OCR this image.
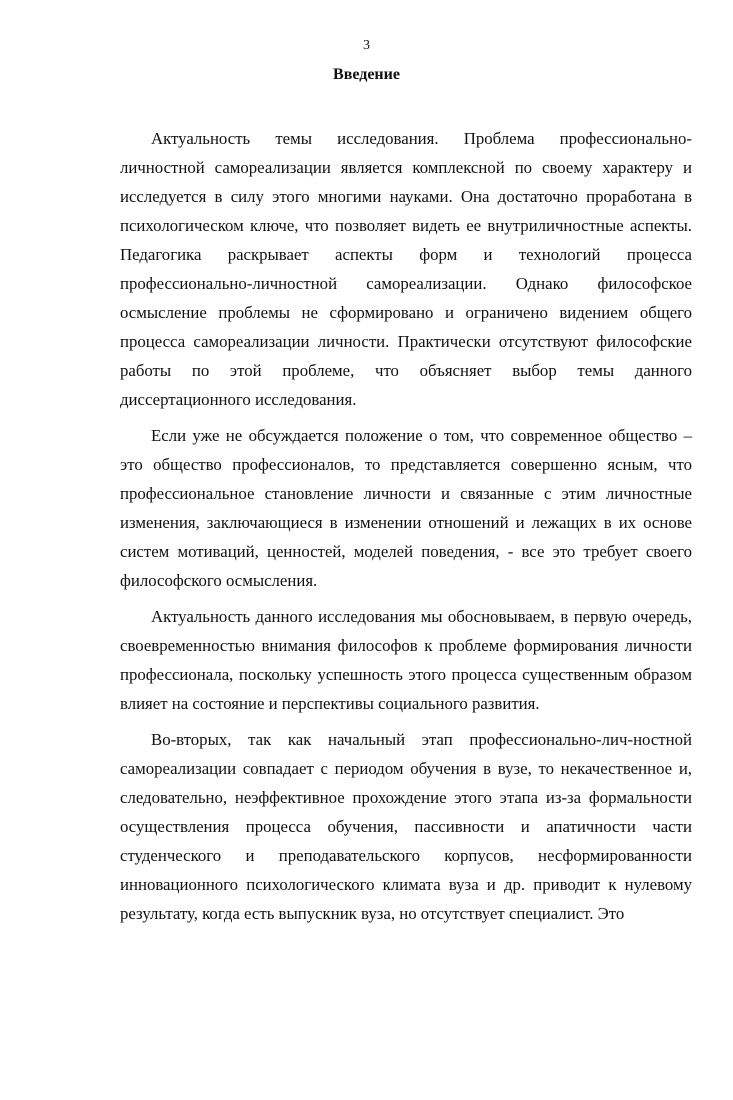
3
Введение

Актуальность темы исследования. Проблема профессионально-личностной самореализации является комплексной по своему характеру и исследуется в силу этого многими науками. Она достаточно проработана в психологическом ключе, что позволяет видеть ее внутриличностные аспекты. Педагогика раскрывает аспекты форм и технологий процесса профессионально-личностной самореализации. Однако философское осмысление проблемы не сформировано и ограничено видением общего процесса самореализации личности. Практически отсутствуют философские работы по этой проблеме, что объясняет выбор темы данного диссертационного исследования.

Если уже не обсуждается положение о том, что современное общество – это общество профессионалов, то представляется совершенно ясным, что профессиональное становление личности и связанные с этим личностные изменения, заключающиеся в изменении отношений и лежащих в их основе систем мотиваций, ценностей, моделей поведения, - все это требует своего философского осмысления.

Актуальность данного исследования мы обосновываем, в первую очередь, своевременностью внимания философов к проблеме формирования личности профессионала, поскольку успешность этого процесса существенным образом влияет на состояние и перспективы социального развития.

Во-вторых, так как начальный этап профессионально-лич-ностной самореализации совпадает с периодом обучения в вузе, то некачественное и, следовательно, неэффективное прохождение этого этапа из-за формальности осуществления процесса обучения, пассивности и апатичности части студенческого и преподавательского корпусов, несформированности инновационного психологического климата вуза и др. приводит к нулевому результату, когда есть выпускник вуза, но отсутствует специалист. Это
